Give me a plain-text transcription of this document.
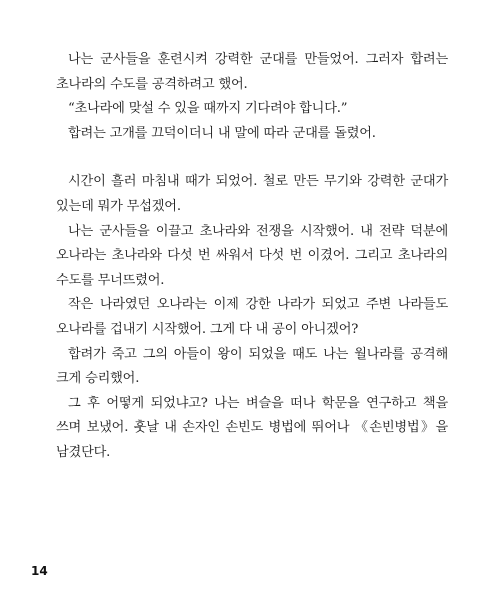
나는 군사들을 훈련시켜 강력한 군대를 만들었어. 그러자 합려는 초나라의 수도를 공격하려고 했어.

“초나라에 맞설 수 있을 때까지 기다려야 합니다.”

합려는 고개를 끄덕이더니 내 말에 따라 군대를 돌렸어.

시간이 흘러 마침내 때가 되었어. 철로 만든 무기와 강력한 군대가 있는데 뭐가 무섭겠어.

나는 군사들을 이끌고 초나라와 전쟁을 시작했어. 내 전략 덕분에 오나라는 초나라와 다섯 번 싸워서 다섯 번 이겼어. 그리고 초나라의 수도를 무너뜨렸어.

작은 나라였던 오나라는 이제 강한 나라가 되었고 주변 나라들도 오나라를 겁내기 시작했어. 그게 다 내 공이 아니겠어?

합려가 죽고 그의 아들이 왕이 되었을 때도 나는 월나라를 공격해 크게 승리했어.

그 후 어떻게 되었냐고? 나는 벼슬을 떠나 학문을 연구하고 책을 쓰며 보냈어. 훗날 내 손자인 손빈도 병법에 뛰어나 《손빈병법》을 남겼단다.

14
